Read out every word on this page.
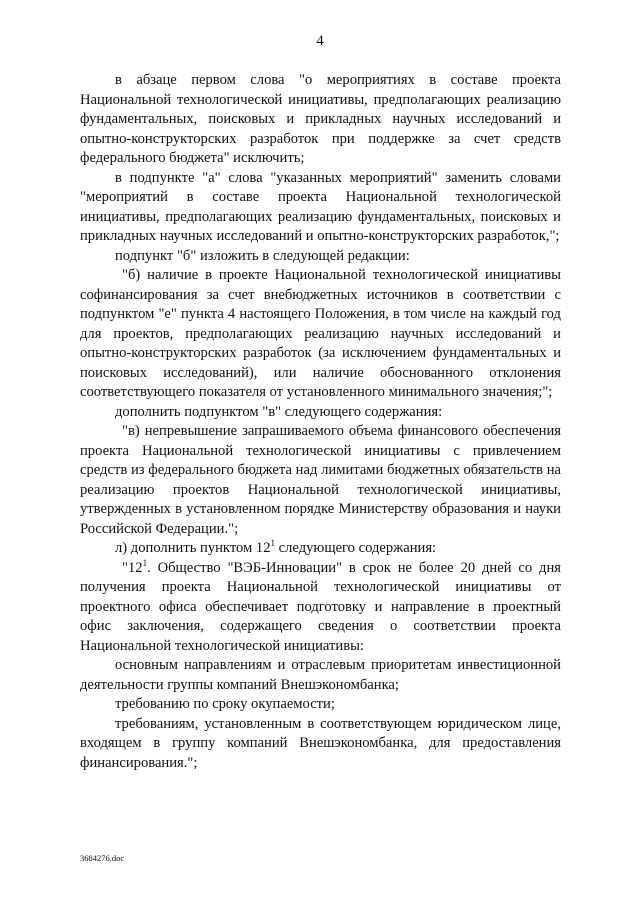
4

в абзаце первом слова "о мероприятиях в составе проекта Национальной технологической инициативы, предполагающих реализацию фундаментальных, поисковых и прикладных научных исследований и опытно-конструкторских разработок при поддержке за счет средств федерального бюджета" исключить;

в подпункте "а" слова "указанных мероприятий" заменить словами "мероприятий в составе проекта Национальной технологической инициативы, предполагающих реализацию фундаментальных, поисковых и прикладных научных исследований и опытно-конструкторских разработок,";

подпункт "б" изложить в следующей редакции:

"б) наличие в проекте Национальной технологической инициативы софинансирования за счет внебюджетных источников в соответствии с подпунктом "е" пункта 4 настоящего Положения, в том числе на каждый год для проектов, предполагающих реализацию научных исследований и опытно-конструкторских разработок (за исключением фундаментальных и поисковых исследований), или наличие обоснованного отклонения соответствующего показателя от установленного минимального значения;";

дополнить подпунктом "в" следующего содержания:

"в) непревышение запрашиваемого объема финансового обеспечения проекта Национальной технологической инициативы с привлечением средств из федерального бюджета над лимитами бюджетных обязательств на реализацию проектов Национальной технологической инициативы, утвержденных в установленном порядке Министерству образования и науки Российской Федерации.";

л) дополнить пунктом $12^1$ следующего содержания:

"$12^1$. Общество "ВЭБ-Инновации" в срок не более 20 дней со дня получения проекта Национальной технологической инициативы от проектного офиса обеспечивает подготовку и направление в проектный офис заключения, содержащего сведения о соответствии проекта Национальной технологической инициативы:

основным направлениям и отраслевым приоритетам инвестиционной деятельности группы компаний Внешэкономбанка;

требованию по сроку окупаемости;

требованиям, установленным в соответствующем юридическом лице, входящем в группу компаний Внешэкономбанка, для предоставления финансирования.";

3684276.doc
